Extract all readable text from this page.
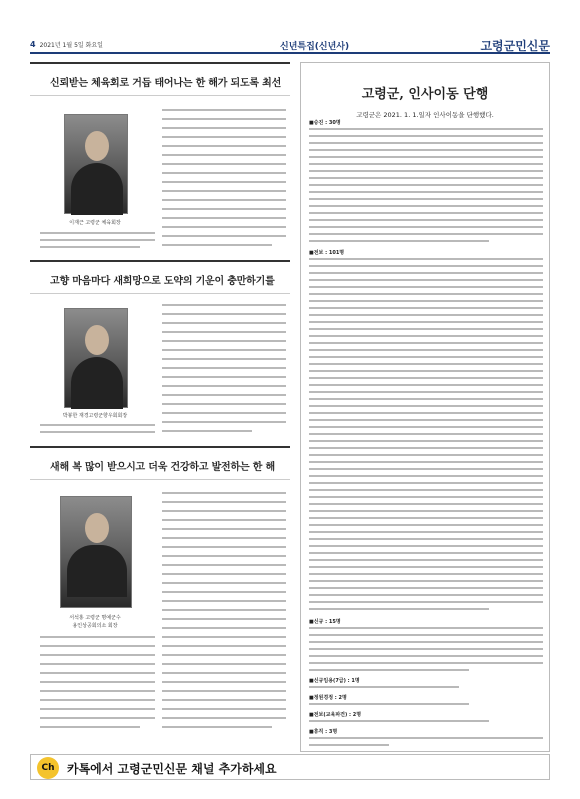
4 2021년 1월 5일 화요일	신년특집(신년사)	고령군민신문
신뢰받는 체육회로 거듭 태어나는 한 해가 되도록 최선
이재근 고령군 체육회장
고향 마음마다 새희망으로 도약의 기운이 충만하기를
박봉한 재경고령군향우회회장
새해 복 많이 받으시고 더욱 건강하고 발전하는 한 해
서석홍 고령군 명예군수
용인상공회의소 회장
고령군, 인사이동 단행
고령군은 2021. 1. 1.일자 인사이동을 단행했다.
■승진 : 30명
■전보 : 101명
■신규 : 15명
■신규임용(7급) : 1명
■정원경정 : 2명
■전보(교육파견) : 2명
■휴직 : 3명
Ch	카톡에서 고령군민신문 채널 추가하세요
